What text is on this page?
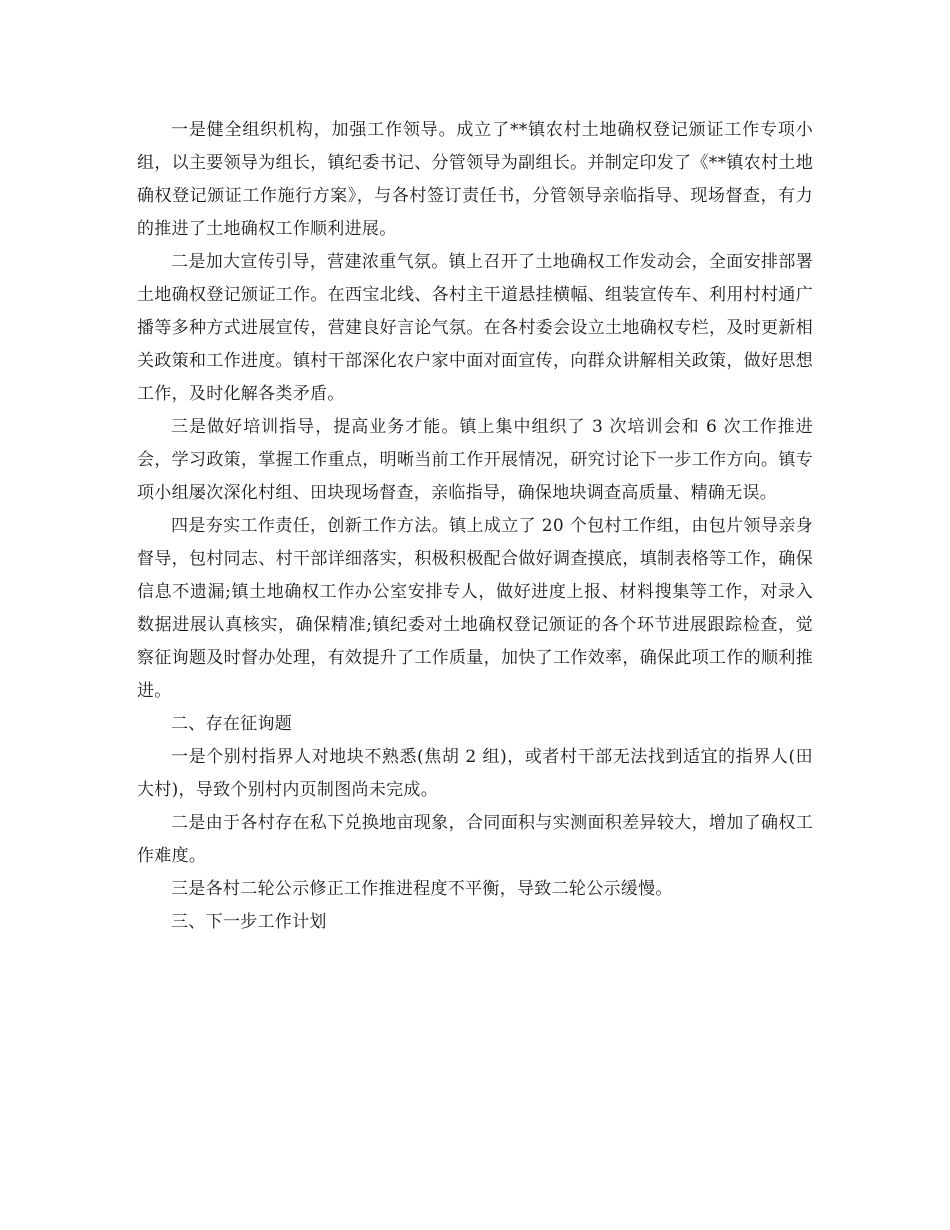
一是健全组织机构，加强工作领导。成立了**镇农村土地确权登记颁证工作专项小组，以主要领导为组长，镇纪委书记、分管领导为副组长。并制定印发了《**镇农村土地确权登记颁证工作施行方案》，与各村签订责任书，分管领导亲临指导、现场督查，有力的推进了土地确权工作顺利进展。

二是加大宣传引导，营建浓重气氛。镇上召开了土地确权工作发动会，全面安排部署土地确权登记颁证工作。在西宝北线、各村主干道悬挂横幅、组装宣传车、利用村村通广播等多种方式进展宣传，营建良好言论气氛。在各村委会设立土地确权专栏，及时更新相关政策和工作进度。镇村干部深化农户家中面对面宣传，向群众讲解相关政策，做好思想工作，及时化解各类矛盾。

三是做好培训指导，提高业务才能。镇上集中组织了 3 次培训会和 6 次工作推进会，学习政策，掌握工作重点，明晰当前工作开展情况，研究讨论下一步工作方向。镇专项小组屡次深化村组、田块现场督查，亲临指导，确保地块调查高质量、精确无误。

四是夯实工作责任，创新工作方法。镇上成立了 20 个包村工作组，由包片领导亲身督导，包村同志、村干部详细落实，积极积极配合做好调查摸底，填制表格等工作，确保信息不遗漏;镇土地确权工作办公室安排专人，做好进度上报、材料搜集等工作，对录入数据进展认真核实，确保精准;镇纪委对土地确权登记颁证的各个环节进展跟踪检查，觉察征询题及时督办处理，有效提升了工作质量，加快了工作效率，确保此项工作的顺利推进。

二、存在征询题

一是个别村指界人对地块不熟悉(焦胡 2 组)，或者村干部无法找到适宜的指界人(田大村)，导致个别村内页制图尚未完成。

二是由于各村存在私下兑换地亩现象，合同面积与实测面积差异较大，增加了确权工作难度。

三是各村二轮公示修正工作推进程度不平衡，导致二轮公示缓慢。

三、下一步工作计划
